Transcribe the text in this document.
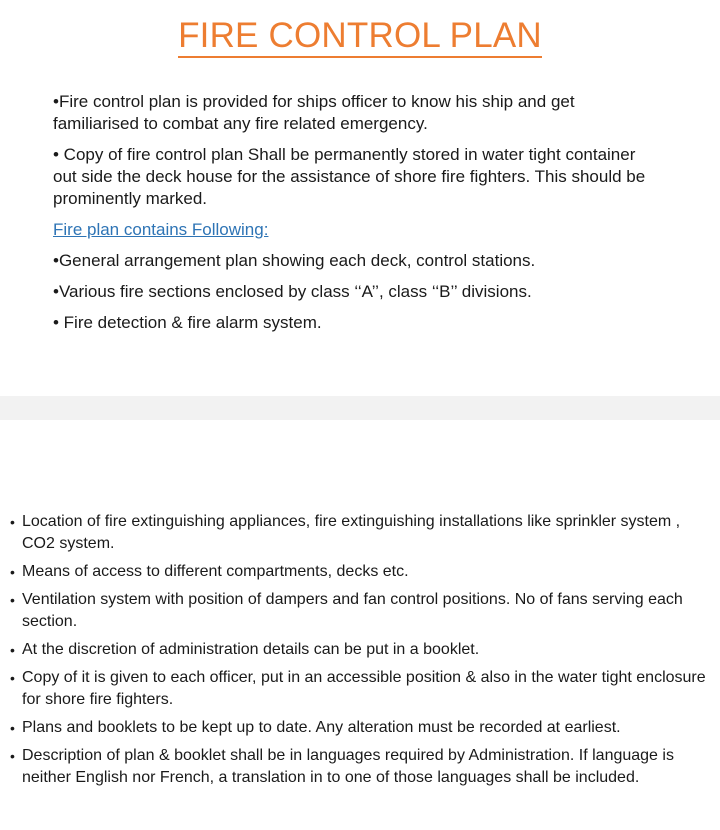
FIRE CONTROL PLAN

•Fire control plan is provided for ships officer to know his ship and get familiarised to combat any fire related emergency.

• Copy of fire control plan Shall be permanently stored in water tight container out side the deck house for the assistance of shore fire fighters. This should be prominently marked.

Fire plan contains Following:

•General arrangement plan showing each deck, control stations.

•Various fire sections enclosed by class ‘‘A’’, class ‘‘B’’ divisions.

• Fire detection & fire alarm system.

• Location of fire extinguishing appliances, fire extinguishing installations like sprinkler system , CO2 system.
• Means of access to different compartments, decks etc.
• Ventilation system with position of dampers and fan control positions. No of fans serving each section.
• At the discretion of administration details can be put in a booklet.
• Copy of it is given to each officer, put in an accessible position & also in the water tight enclosure for shore fire fighters.
• Plans and booklets to be kept up to date. Any alteration must be recorded at earliest.
• Description of plan & booklet shall be in languages required by Administration. If language is neither English nor French, a translation in to one of those languages shall be included.
